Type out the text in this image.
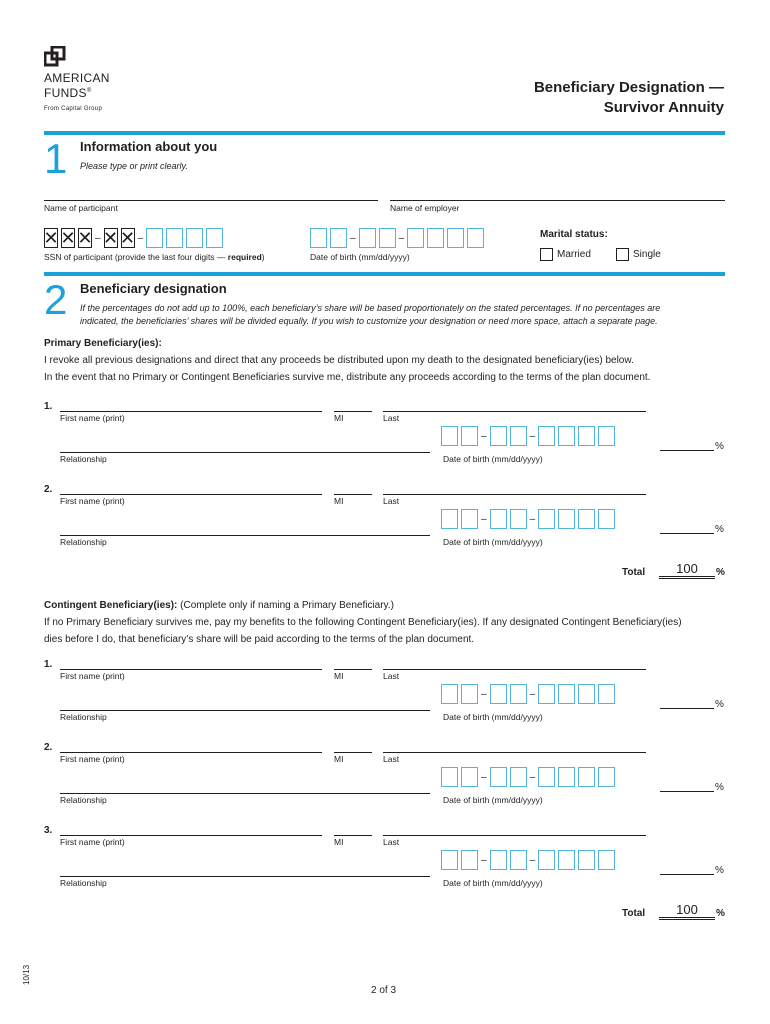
AMERICAN
FUNDS®
From Capital Group
Beneficiary Designation —
Survivor Annuity
1 Information about you
Please type or print clearly.
Name of participant	Name of employer
✕ ✕ ✕ – ✕ ✕ –
SSN of participant (provide the last four digits — required)
–	–
Date of birth (mm/dd/yyyy)
Marital status:
Married	Single
2 Beneficiary designation
If the percentages do not add up to 100%, each beneficiary’s share will be based proportionately on the stated percentages. If no percentages are
indicated, the beneficiaries’ shares will be divided equally. If you wish to customize your designation or need more space, attach a separate page.
Primary Beneficiary(ies):
I revoke all previous designations and direct that any proceeds be distributed upon my death to the designated beneficiary(ies) below.
In the event that no Primary or Contingent Beneficiaries survive me, distribute any proceeds according to the terms of the plan document.
1.
First name (print)	MI	Last
Relationship
–	–
Date of birth (mm/dd/yyyy)
%
2.
First name (print)	MI	Last
Relationship
–	–
Date of birth (mm/dd/yyyy)
%
Total	100	%
Contingent Beneficiary(ies): (Complete only if naming a Primary Beneficiary.)
If no Primary Beneficiary survives me, pay my benefits to the following Contingent Beneficiary(ies). If any designated Contingent Beneficiary(ies)
dies before I do, that beneficiary’s share will be paid according to the terms of the plan document.
1.
First name (print)	MI	Last
Relationship
–	–
Date of birth (mm/dd/yyyy)
%
2.
First name (print)	MI	Last
Relationship
–	–
Date of birth (mm/dd/yyyy)
%
3.
First name (print)	MI	Last
Relationship
–	–
Date of birth (mm/dd/yyyy)
%
Total	100	%
2 of 3
10/13
